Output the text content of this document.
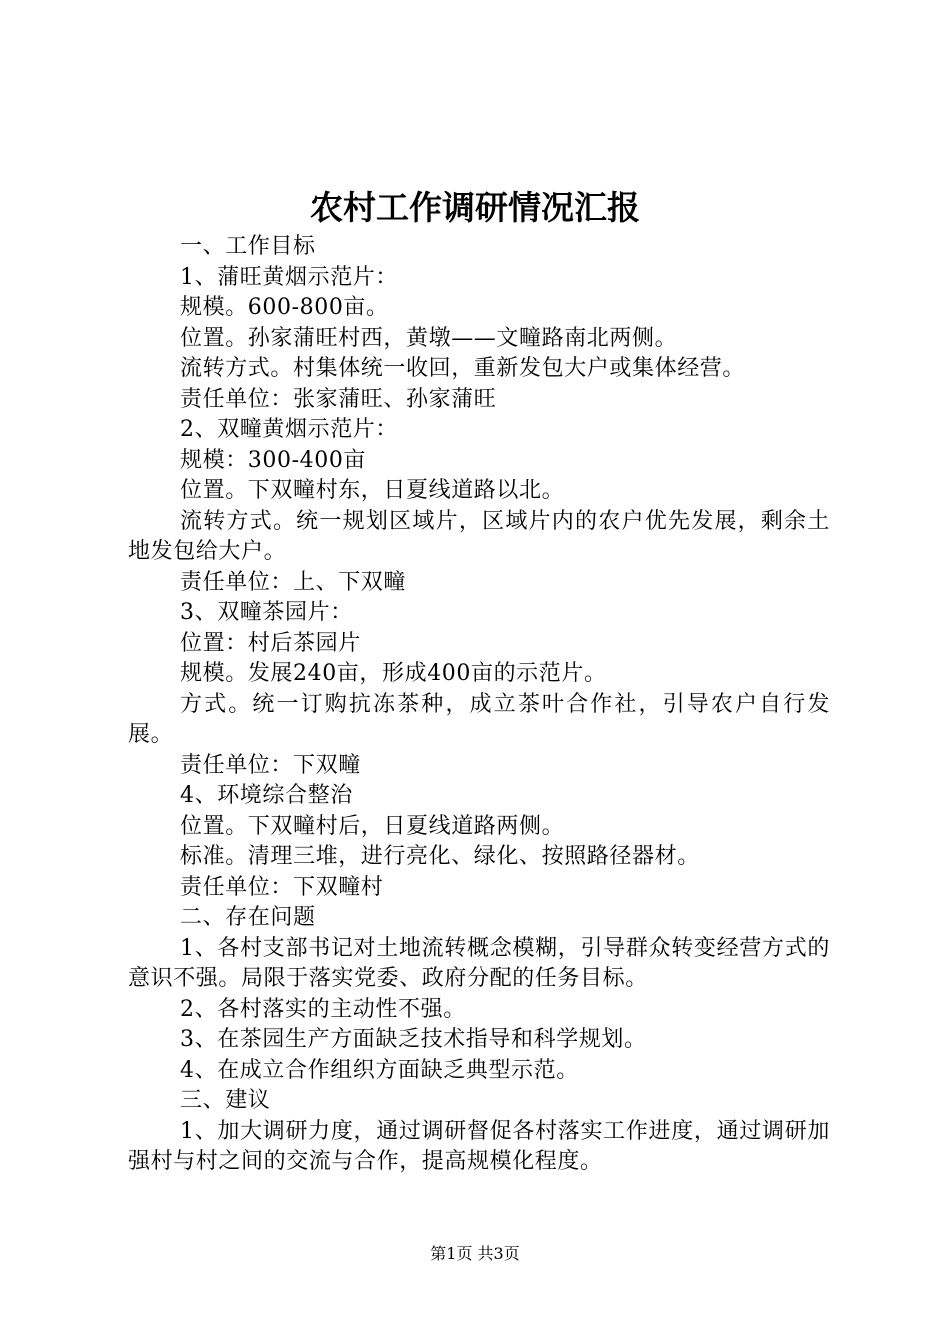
农村工作调研情况汇报

一、工作目标

1、蒲旺黄烟示范片：

规模。600-800亩。

位置。孙家蒲旺村西，黄墩——文疃路南北两侧。

流转方式。村集体统一收回，重新发包大户或集体经营。

责任单位：张家蒲旺、孙家蒲旺

2、双疃黄烟示范片：

规模：300-400亩

位置。下双疃村东，日夏线道路以北。

流转方式。统一规划区域片，区域片内的农户优先发展，剩余土地发包给大户。

责任单位：上、下双疃

3、双疃茶园片：

位置：村后茶园片

规模。发展240亩，形成400亩的示范片。

方式。统一订购抗冻茶种，成立茶叶合作社，引导农户自行发展。

责任单位：下双疃

4、环境综合整治

位置。下双疃村后，日夏线道路两侧。

标准。清理三堆，进行亮化、绿化、按照路径器材。

责任单位：下双疃村

二、存在问题

1、各村支部书记对土地流转概念模糊，引导群众转变经营方式的意识不强。局限于落实党委、政府分配的任务目标。

2、各村落实的主动性不强。

3、在茶园生产方面缺乏技术指导和科学规划。

4、在成立合作组织方面缺乏典型示范。

三、建议

1、加大调研力度，通过调研督促各村落实工作进度，通过调研加强村与村之间的交流与合作，提高规模化程度。

第1页 共3页
